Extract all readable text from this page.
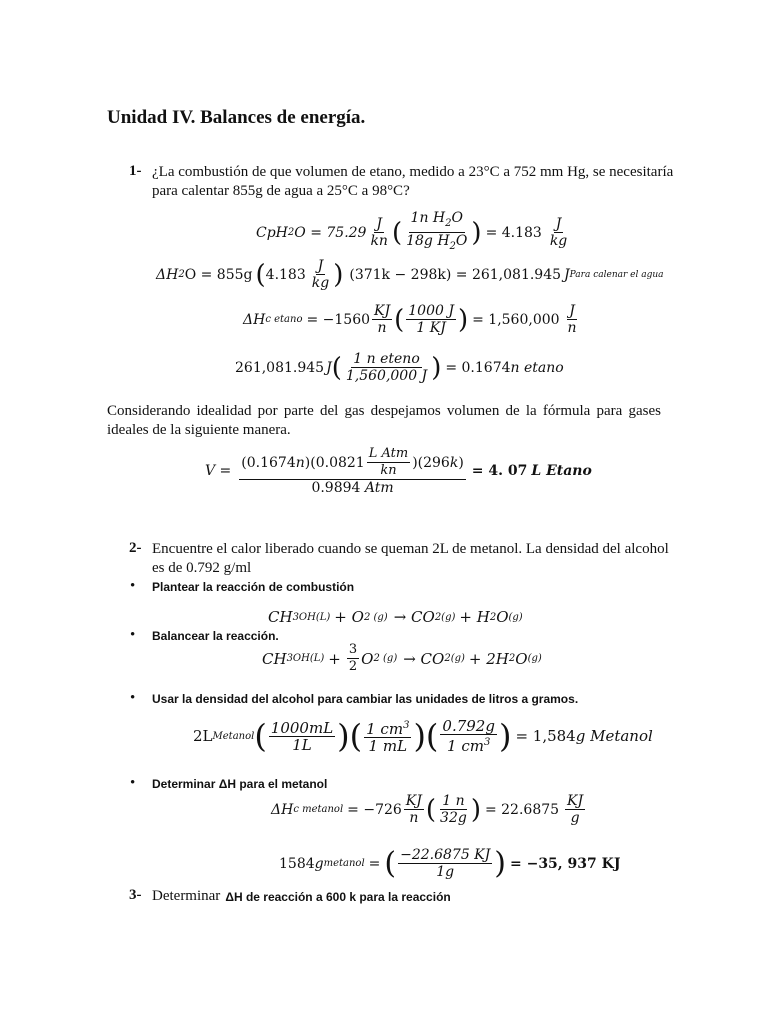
Unidad IV. Balances de energía.
1- ¿La combustión de que volumen de etano, medido a 23°C a 752 mm Hg, se necesitaría
para calentar 855g de agua a 25°C a 98°C?
CpH 2 $O = 75.29 \frac{J}{kn}$ ( $\frac{1n H_2O}{18g H_2O}$ ) = $4.183 \frac{J}{kg}$
ΔH 2 O = 855g ( $4.183 \frac{J}{kg}$ ) (371k − 298k) = 261,081.945 J Para calenar el agua
ΔH c $etano = -1560 \frac{KJ}{n}$ ( $\frac{1000 J}{1 KJ}$ ) = $1,560,000 \frac{J}{n}$
261,081.945 J ( $\frac{\text{1 n eteno}}{1,560,000 J}$ ) = 0.1674 n etano
Considerando idealidad por parte del gas despejamos volumen de la fórmula para gases ideales de la siguiente manera.
$V = \frac{(0.1674 n )(0.0821 \frac{\text{L Atm}}{kn} )(296 k )}{\text{0.9894 Atm}} = 4$. 07 L Etano
2- Encuentre el calor liberado cuando se queman 2L de metanol. La densidad del alcohol
es de 0.792 g/ml
• Plantear la reacción de combustión
CH 3OH(L) + O 2 (g) → CO 2(g) + H 2 O (g)
• Balancear la reacción.
CH $3OH(L) + \frac{3}{2}$ O 2 (g) → CO 2(g) + 2H 2 O (g)
• Usar la densidad del alcohol para cambiar las unidades de litros a gramos.
2L Metanol ( $\frac{1000mL}{1L}$ ) ( $\frac{1 cm^3}{1 mL}$ ) ( $\frac{0.792g}{1 cm^3}$ ) = 1,584 g Metanol
• Determinar ΔH para el metanol
ΔH c metanol = $-726 \frac{KJ}{n}$ ( $\frac{1 n}{32g}$ ) = $22.6875 \frac{KJ}{g}$
1584 g metanol = ( $\frac{-22.6875 KJ}{1g}$ ) = −35, 937 KJ
3- Determinar ΔH de reacción a 600 k para la reacción
